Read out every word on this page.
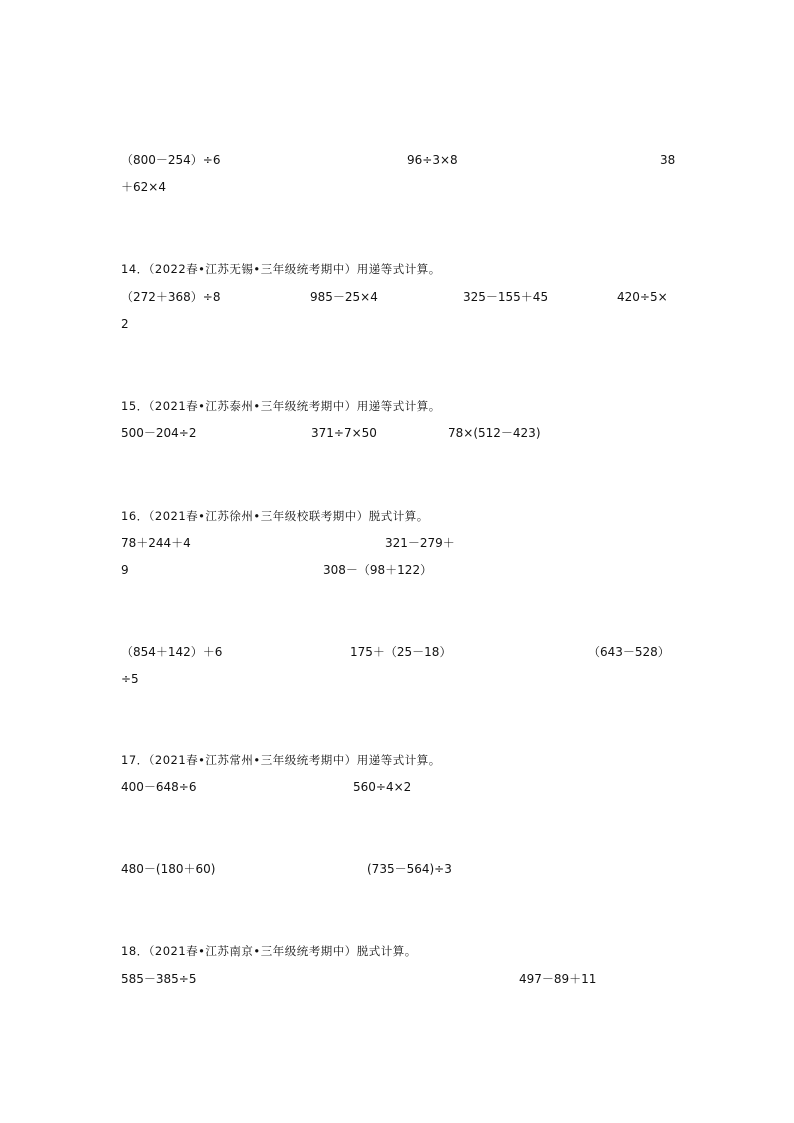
（800－254）÷6	96÷3×8	38
＋62×4
14．（2022春•江苏无锡•三年级统考期中）用递等式计算。
（272＋368）÷8	985－25×4	325－155＋45	420÷5×
2
15．（2021春•江苏泰州•三年级统考期中）用递等式计算。
500－204÷2	371÷7×50	78×(512－423)
16．（2021春•江苏徐州•三年级校联考期中）脱式计算。
78＋244＋4	321－279＋
9	308－（98＋122）
（854＋142）＋6	175＋（25－18）	（643－528）
÷5
17．（2021春•江苏常州•三年级统考期中）用递等式计算。
400－648÷6	560÷4×2
480－(180＋60)	(735－564)÷3
18．（2021春•江苏南京•三年级统考期中）脱式计算。
585－385÷5	497－89＋11
